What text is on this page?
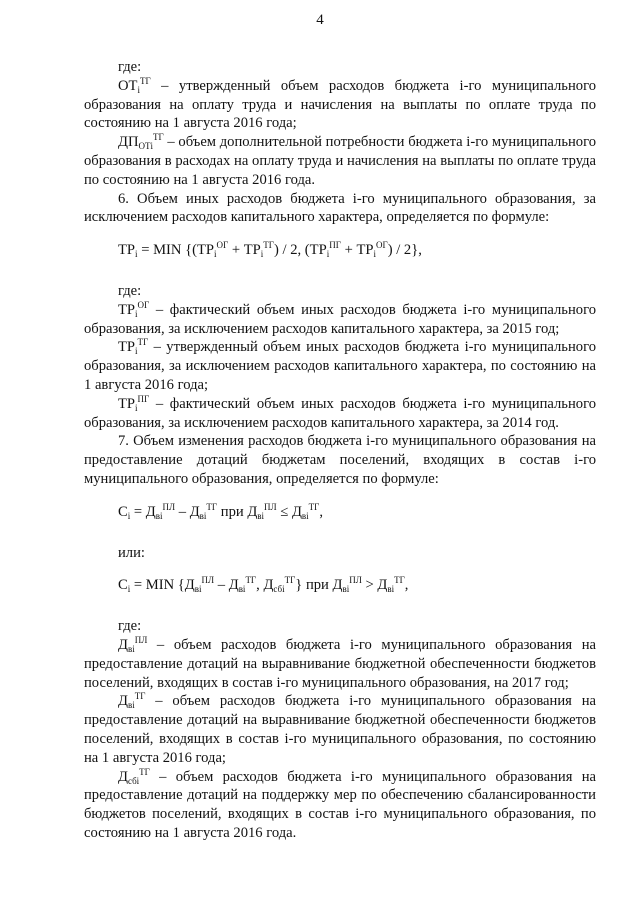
4

где:

$ОТ_i^{ТГ}$ – утвержденный объем расходов бюджета i-го муниципального образования на оплату труда и начисления на выплаты по оплате труда по состоянию на 1 августа 2016 года;

$ДП_{ОТi}^{ТГ}$ – объем дополнительной потребности бюджета i-го муниципального образования в расходах на оплату труда и начисления на выплаты по оплате труда по состоянию на 1 августа 2016 года.

6. Объем иных расходов бюджета i-го муниципального образования, за исключением расходов капитального характера, определяется по формуле:

$ТР_i$ = MIN {$(ТР_i^{ОГ} + ТР_i^{ТГ}) / 2$, $(ТР_i^{ПГ} + ТР_i^{ОГ}) / 2$},

где:

$ТР_i^{ОГ}$ – фактический объем иных расходов бюджета i-го муниципального образования, за исключением расходов капитального характера, за 2015 год;

$ТР_i^{ТГ}$ – утвержденный объем иных расходов бюджета i-го муниципального образования, за исключением расходов капитального характера, по состоянию на 1 августа 2016 года;

$ТР_i^{ПГ}$ – фактический объем иных расходов бюджета i-го муниципального образования, за исключением расходов капитального характера, за 2014 год.

7. Объем изменения расходов бюджета i-го муниципального образования на предоставление дотаций бюджетам поселений, входящих в состав i-го муниципального образования, определяется по формуле:

$С_i = Д_{вi}^{ПЛ} - Д_{вi}^{ТГ}$ при $Д_{вi}^{ПЛ} \le Д_{вi}^{ТГ}$,

или:

$С_i$ = MIN {$Д_{вi}^{ПЛ} - Д_{вi}^{ТГ}$, $Д_{сбi}^{ТГ}$} при $Д_{вi}^{ПЛ} > Д_{вi}^{ТГ}$,

где:

$Д_{вi}^{ПЛ}$ – объем расходов бюджета i-го муниципального образования на предоставление дотаций на выравнивание бюджетной обеспеченности бюджетов поселений, входящих в состав i-го муниципального образования, на 2017 год;

$Д_{вi}^{ТГ}$ – объем расходов бюджета i-го муниципального образования на предоставление дотаций на выравнивание бюджетной обеспеченности бюджетов поселений, входящих в состав i-го муниципального образования, по состоянию на 1 августа 2016 года;

$Д_{сбi}^{ТГ}$ – объем расходов бюджета i-го муниципального образования на предоставление дотаций на поддержку мер по обеспечению сбалансированности бюджетов поселений, входящих в состав i-го муниципального образования, по состоянию на 1 августа 2016 года.
